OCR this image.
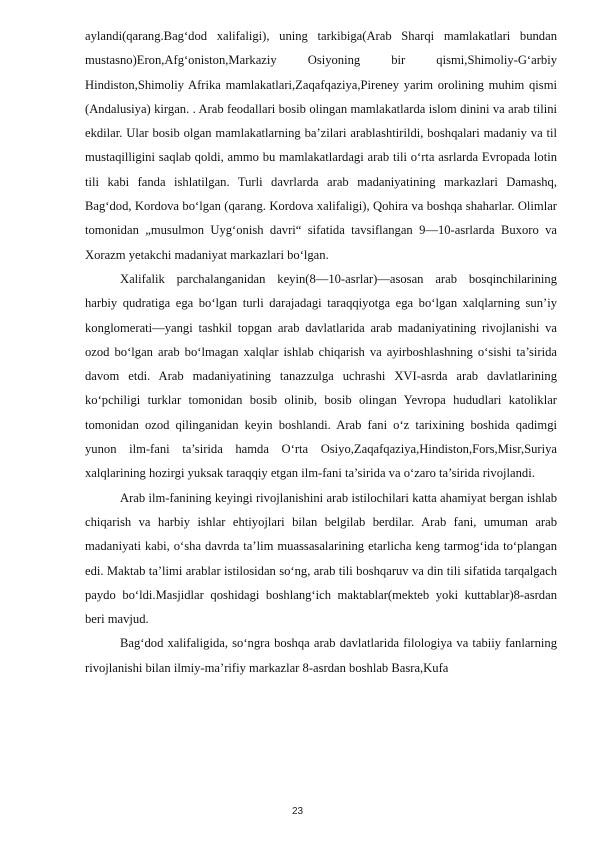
aylandi(qarang.Bag‘dod xalifaligi), uning tarkibiga(Arab Sharqi mamlakatlari bundan mustasno)Eron,Afg‘oniston,Markaziy Osiyoning bir qismi,Shimoliy-G‘arbiy Hindiston,Shimoliy Afrika mamlakatlari,Zaqafqaziya,Pireney yarim orolining muhim qismi (Andalusiya) kirgan. . Arab feodallari bosib olingan mamlakatlarda islom dinini va arab tilini ekdilar. Ular bosib olgan mamlakatlarning ba’zilari arablashtirildi, boshqalari madaniy va til mustaqilligini saqlab qoldi, ammo bu mamlakatlardagi arab tili o‘rta asrlarda Evropada lotin tili kabi fanda ishlatilgan. Turli davrlarda arab madaniyatining markazlari Damashq, Bag‘dod, Kordova bo‘lgan (qarang. Kordova xalifaligi), Qohira va boshqa shaharlar. Olimlar tomonidan „musulmon Uyg‘onish davri“ sifatida tavsiflangan 9—10-asrlarda Buxoro va Xorazm yetakchi madaniyat markazlari bo‘lgan.

Xalifalik parchalanganidan keyin(8—10-asrlar)—asosan arab bosqinchilarining harbiy qudratiga ega bo‘lgan turli darajadagi taraqqiyotga ega bo‘lgan xalqlarning sun’iy konglomerati—yangi tashkil topgan arab davlatlarida arab madaniyatining rivojlanishi va ozod bo‘lgan arab bo‘lmagan xalqlar ishlab chiqarish va ayirboshlashning o‘sishi ta’sirida davom etdi. Arab madaniyatining tanazzulga uchrashi XVI-asrda arab davlatlarining ko‘pchiligi turklar tomonidan bosib olinib, bosib olingan Yevropa hududlari katoliklar tomonidan ozod qilinganidan keyin boshlandi. Arab fani o‘z tarixining boshida qadimgi yunon ilm-fani ta’sirida hamda O‘rta Osiyo,Zaqafqaziya,Hindiston,Fors,Misr,Suriya xalqlarining hozirgi yuksak taraqqiy etgan ilm-fani ta’sirida va o‘zaro ta’sirida rivojlandi.

Arab ilm-fanining keyingi rivojlanishini arab istilochilari katta ahamiyat bergan ishlab chiqarish va harbiy ishlar ehtiyojlari bilan belgilab berdilar. Arab fani, umuman arab madaniyati kabi, o‘sha davrda ta’lim muassasalarining etarlicha keng tarmog‘ida to‘plangan edi. Maktab ta’limi arablar istilosidan so‘ng, arab tili boshqaruv va din tili sifatida tarqalgach paydo bo‘ldi.Masjidlar qoshidagi boshlang‘ich maktablar(mekteb yoki kuttablar)8-asrdan beri mavjud.

Bag‘dod xalifaligida, so‘ngra boshqa arab davlatlarida filologiya va tabiiy fanlarning rivojlanishi bilan ilmiy-ma’rifiy markazlar 8-asrdan boshlab Basra,Kufa

23
